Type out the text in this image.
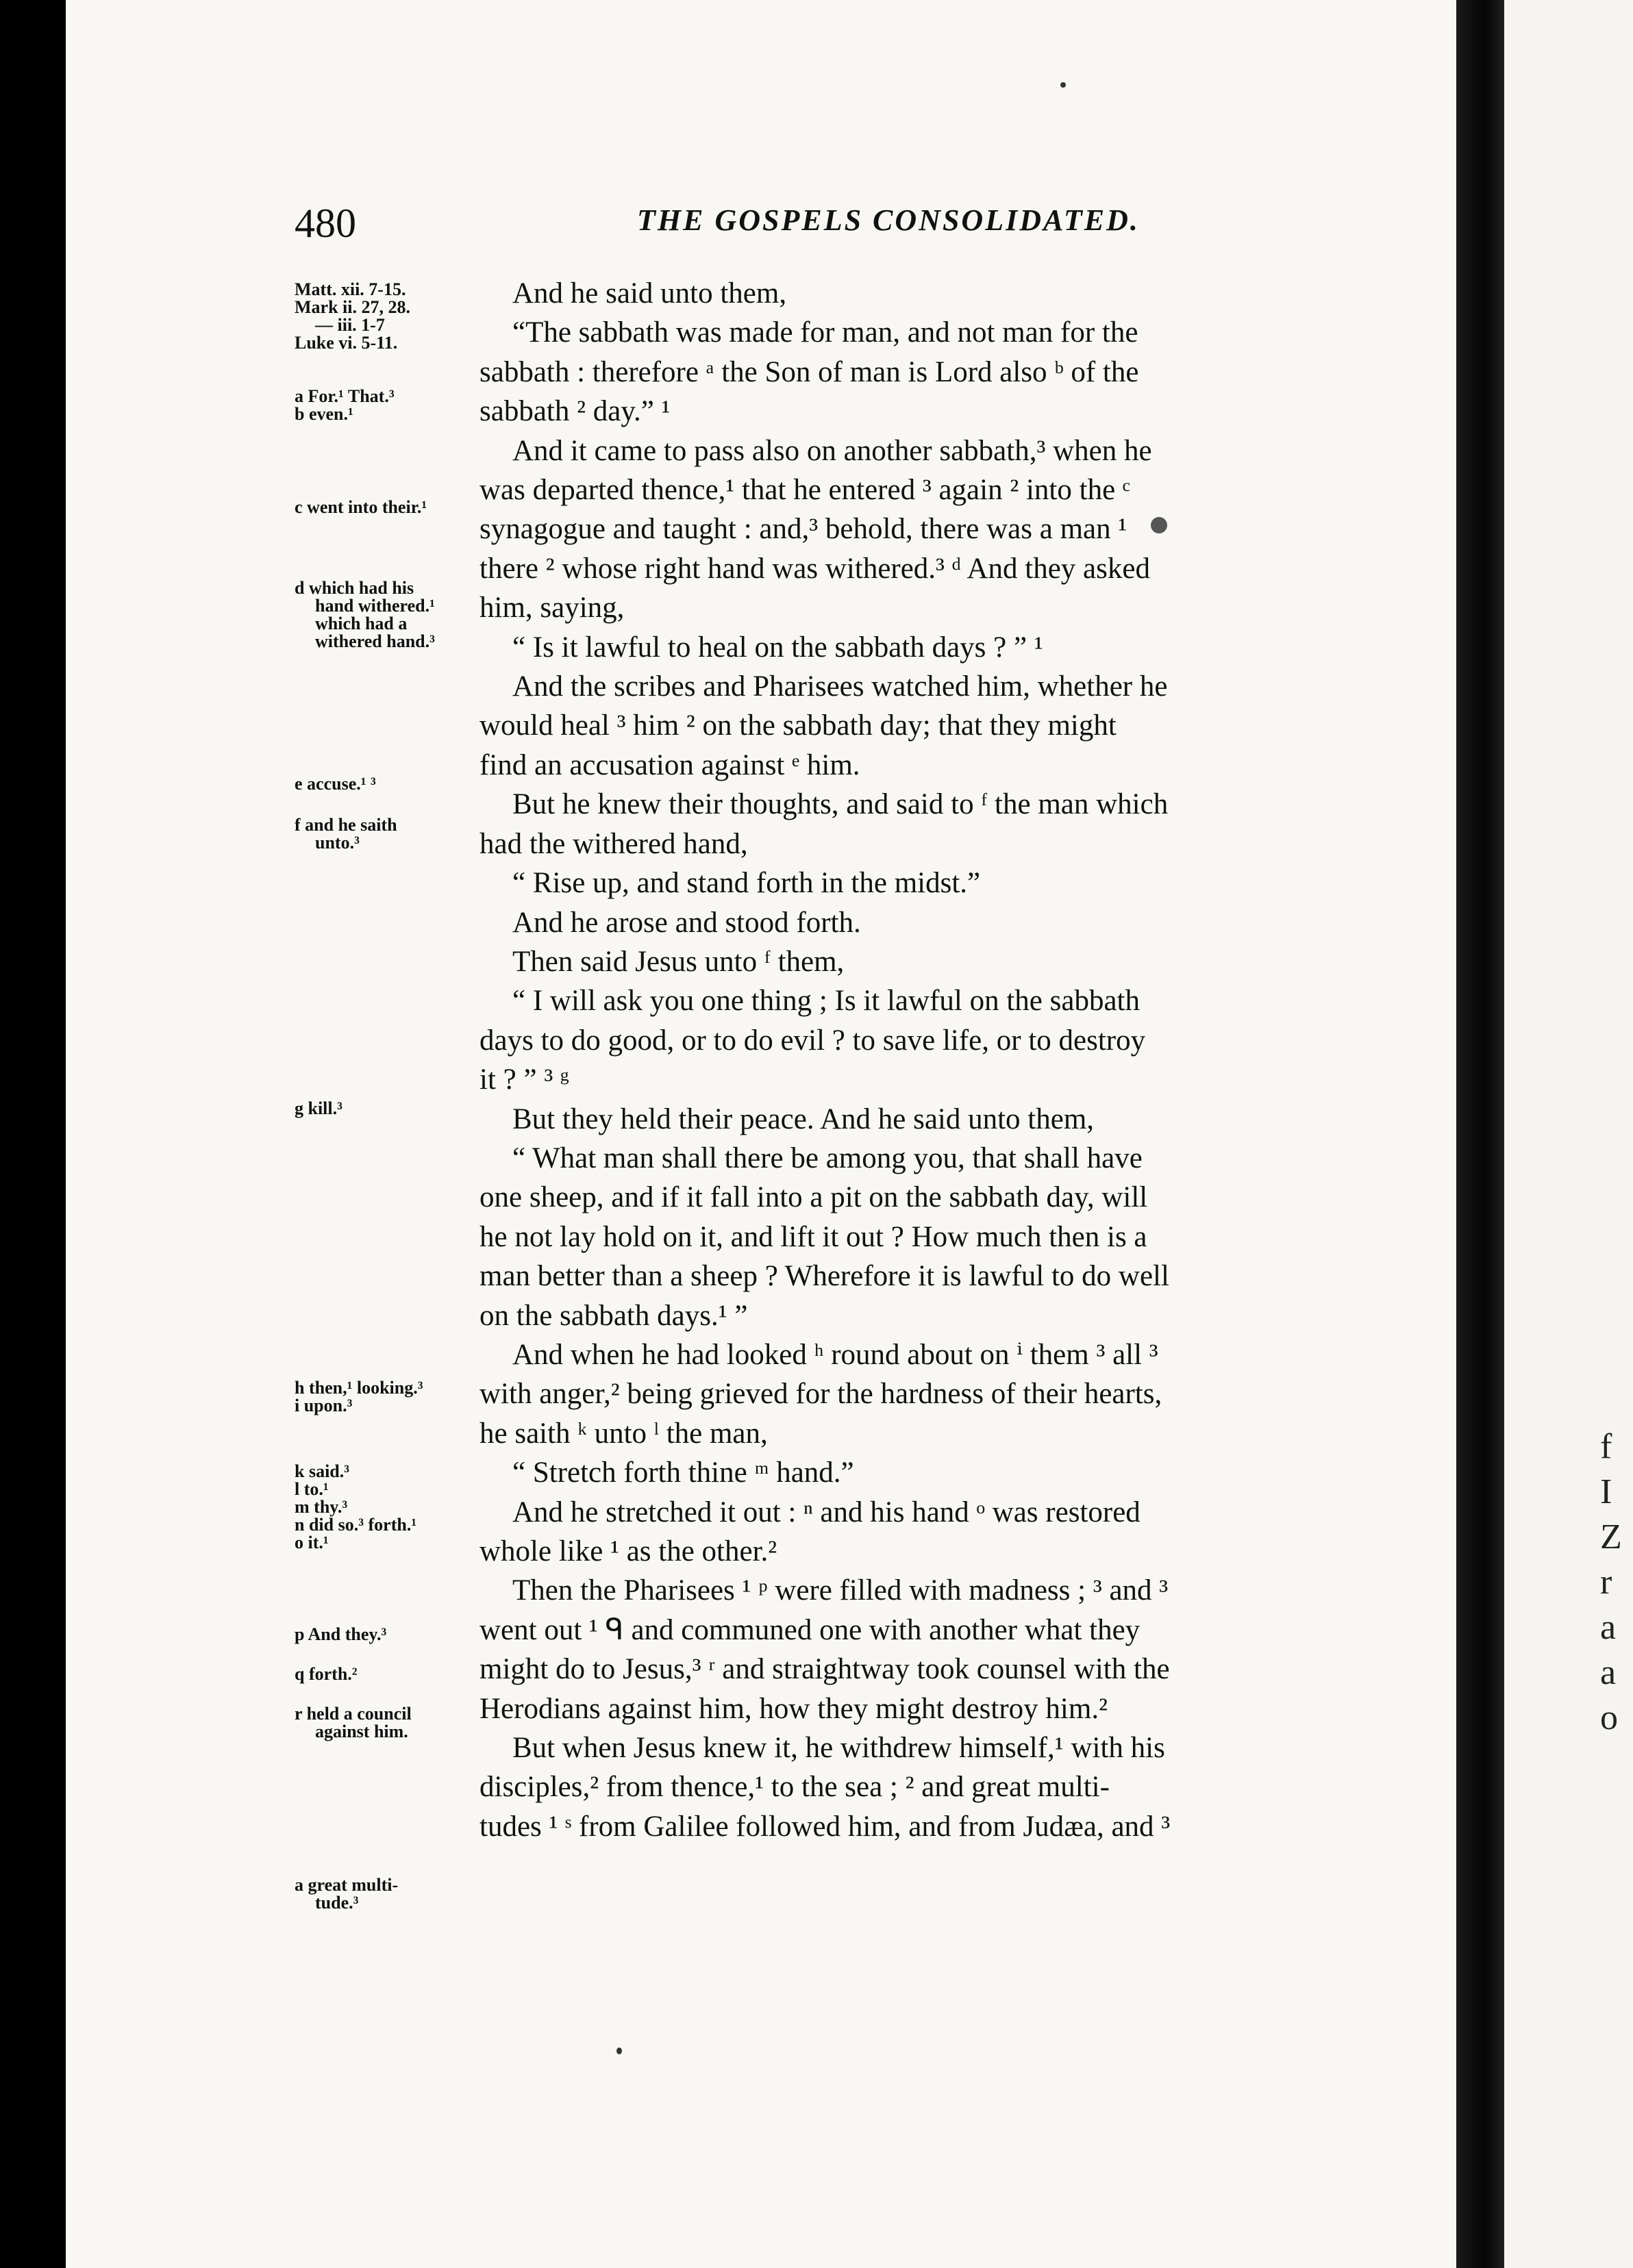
f
I
Z
r
a
a
o
480	THE GOSPELS CONSOLIDATED.
Matt. xii. 7-15.
Mark ii. 27, 28.
— iii. 1-7
Luke vi. 5-11.
a For.¹ That.³
b even.¹
c went into their.¹
d which had his
hand withered.¹
which had a
withered hand.³
e accuse.¹ ³
f and he saith
unto.³
g kill.³
h then,¹ looking.³
i upon.³
k said.³
l to.¹
m thy.³
n did so.³ forth.¹
o it.¹
p And they.³
q forth.²
r held a council
against him.
a great multi-
tude.³

And he said unto them,

“The sabbath was made for man, and not man for the

sabbath : therefore ᵃ the Son of man is Lord also ᵇ of the

sabbath ² day.” ¹

And it came to pass also on another sabbath,³ when he

was departed thence,¹ that he entered ³ again ² into the ᶜ

synagogue and taught : and,³ behold, there was a man ¹

there ² whose right hand was withered.³ ᵈ And they asked

him, saying,

“ Is it lawful to heal on the sabbath days ? ” ¹

And the scribes and Pharisees watched him, whether he

would heal ³ him ² on the sabbath day; that they might

find an accusation against ᵉ him.

But he knew their thoughts, and said to ᶠ the man which

had the withered hand,

“ Rise up, and stand forth in the midst.”

And he arose and stood forth.

Then said Jesus unto ᶠ them,

“ I will ask you one thing ; Is it lawful on the sabbath

days to do good, or to do evil ? to save life, or to destroy

it ? ” ³ ᵍ

But they held their peace. And he said unto them,

“ What man shall there be among you, that shall have

one sheep, and if it fall into a pit on the sabbath day, will

he not lay hold on it, and lift it out ? How much then is a

man better than a sheep ? Wherefore it is lawful to do well

on the sabbath days.¹ ”

And when he had looked ʰ round about on ⁱ them ³ all ³

with anger,² being grieved for the hardness of their hearts,

he saith ᵏ unto ˡ the man,

“ Stretch forth thine ᵐ hand.”

And he stretched it out : ⁿ and his hand ᵒ was restored

whole like ¹ as the other.²

Then the Pharisees ¹ ᵖ were filled with madness ; ³ and ³

went out ¹ ᑫ and communed one with another what they

might do to Jesus,³ ʳ and straightway took counsel with the

Herodians against him, how they might destroy him.²

But when Jesus knew it, he withdrew himself,¹ with his

disciples,² from thence,¹ to the sea ; ² and great multi-

tudes ¹ ˢ from Galilee followed him, and from Judæa, and ³
